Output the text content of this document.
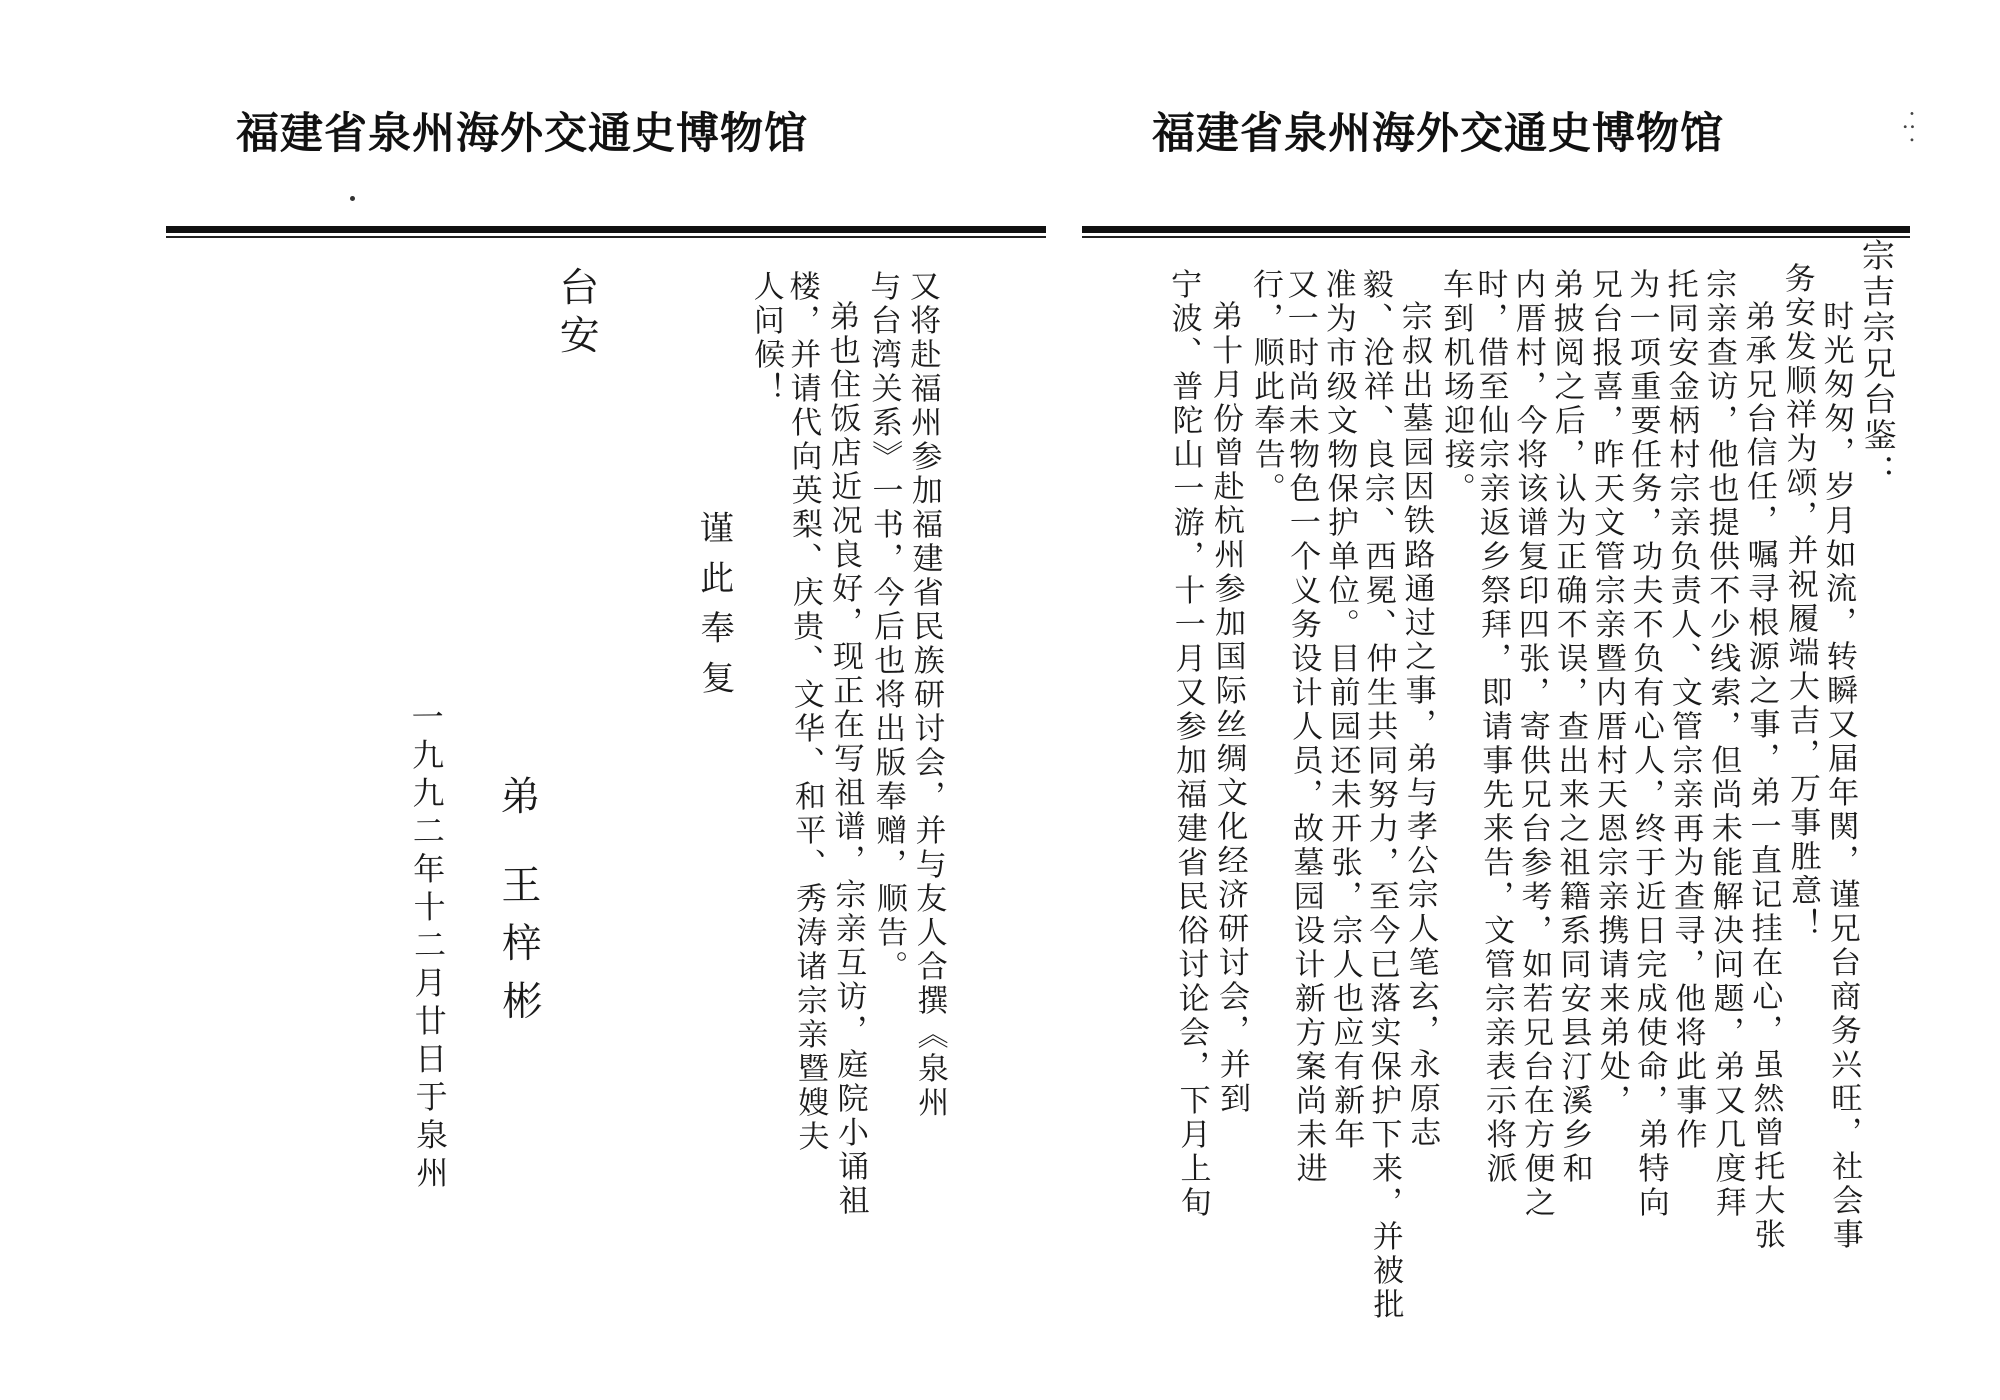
福建省泉州海外交通史博物馆	·:·

宗吉宗兄台鉴：

时光匆匆，岁月如流，转瞬又届年関，谨兄台商务兴旺，社会事

务安发顺祥为颂，并祝履端大吉，万事胜意！

弟承兄台信任，嘱寻根源之事，弟一直记挂在心，虽然曾托大张

宗亲查访，他也提供不少线索，但尚未能解决问题，弟又几度拜

托同安金柄村宗亲负责人、文管宗亲再为查寻，他将此事作

为一项重要任务，功夫不负有心人，终于近日完成使命，弟特向

兄台报喜，昨天文管宗亲暨内厝村天恩宗亲携请来弟处，

弟披阅之后，认为正确不误，查出来之祖籍系同安县汀溪乡和

内厝村，今将该谱复印四张，寄供兄台参考，如若兄台在方便之

时，借至仙宗亲返乡祭拜，即请事先来告，文管宗亲表示将派

车到机场迎接。

宗叔出墓园因铁路通过之事，弟与孝公宗人笔玄，永原志

毅、沧祥、良宗、西冕、仲生共同努力，至今已落实保护下来，并被批

准为市级文物保护单位。目前园还未开张，宗人也应有新年

又一时尚未物色一个义务设计人员，故墓园设计新方案尚未进

行，顺此奉告。

弟十月份曾赴杭州参加国际丝绸文化经济研讨会，并到

宁波、普陀山一游，十一月又参加福建省民俗讨论会，下月上旬

福建省泉州海外交通史博物馆

又将赴福州参加福建省民族研讨会，并与友人合撰《泉州

与台湾关系》一书，今后也将出版奉赠，顺告。

弟也住饭店近况良好，现正在写祖谱，宗亲互访，庭院小诵祖

楼，并请代向英梨、庆贵、文华、和平、秀涛诸宗亲暨嫂夫

人问候！

谨此奉复

台安

弟 王梓彬

一九九二年十二月廿日于泉州
